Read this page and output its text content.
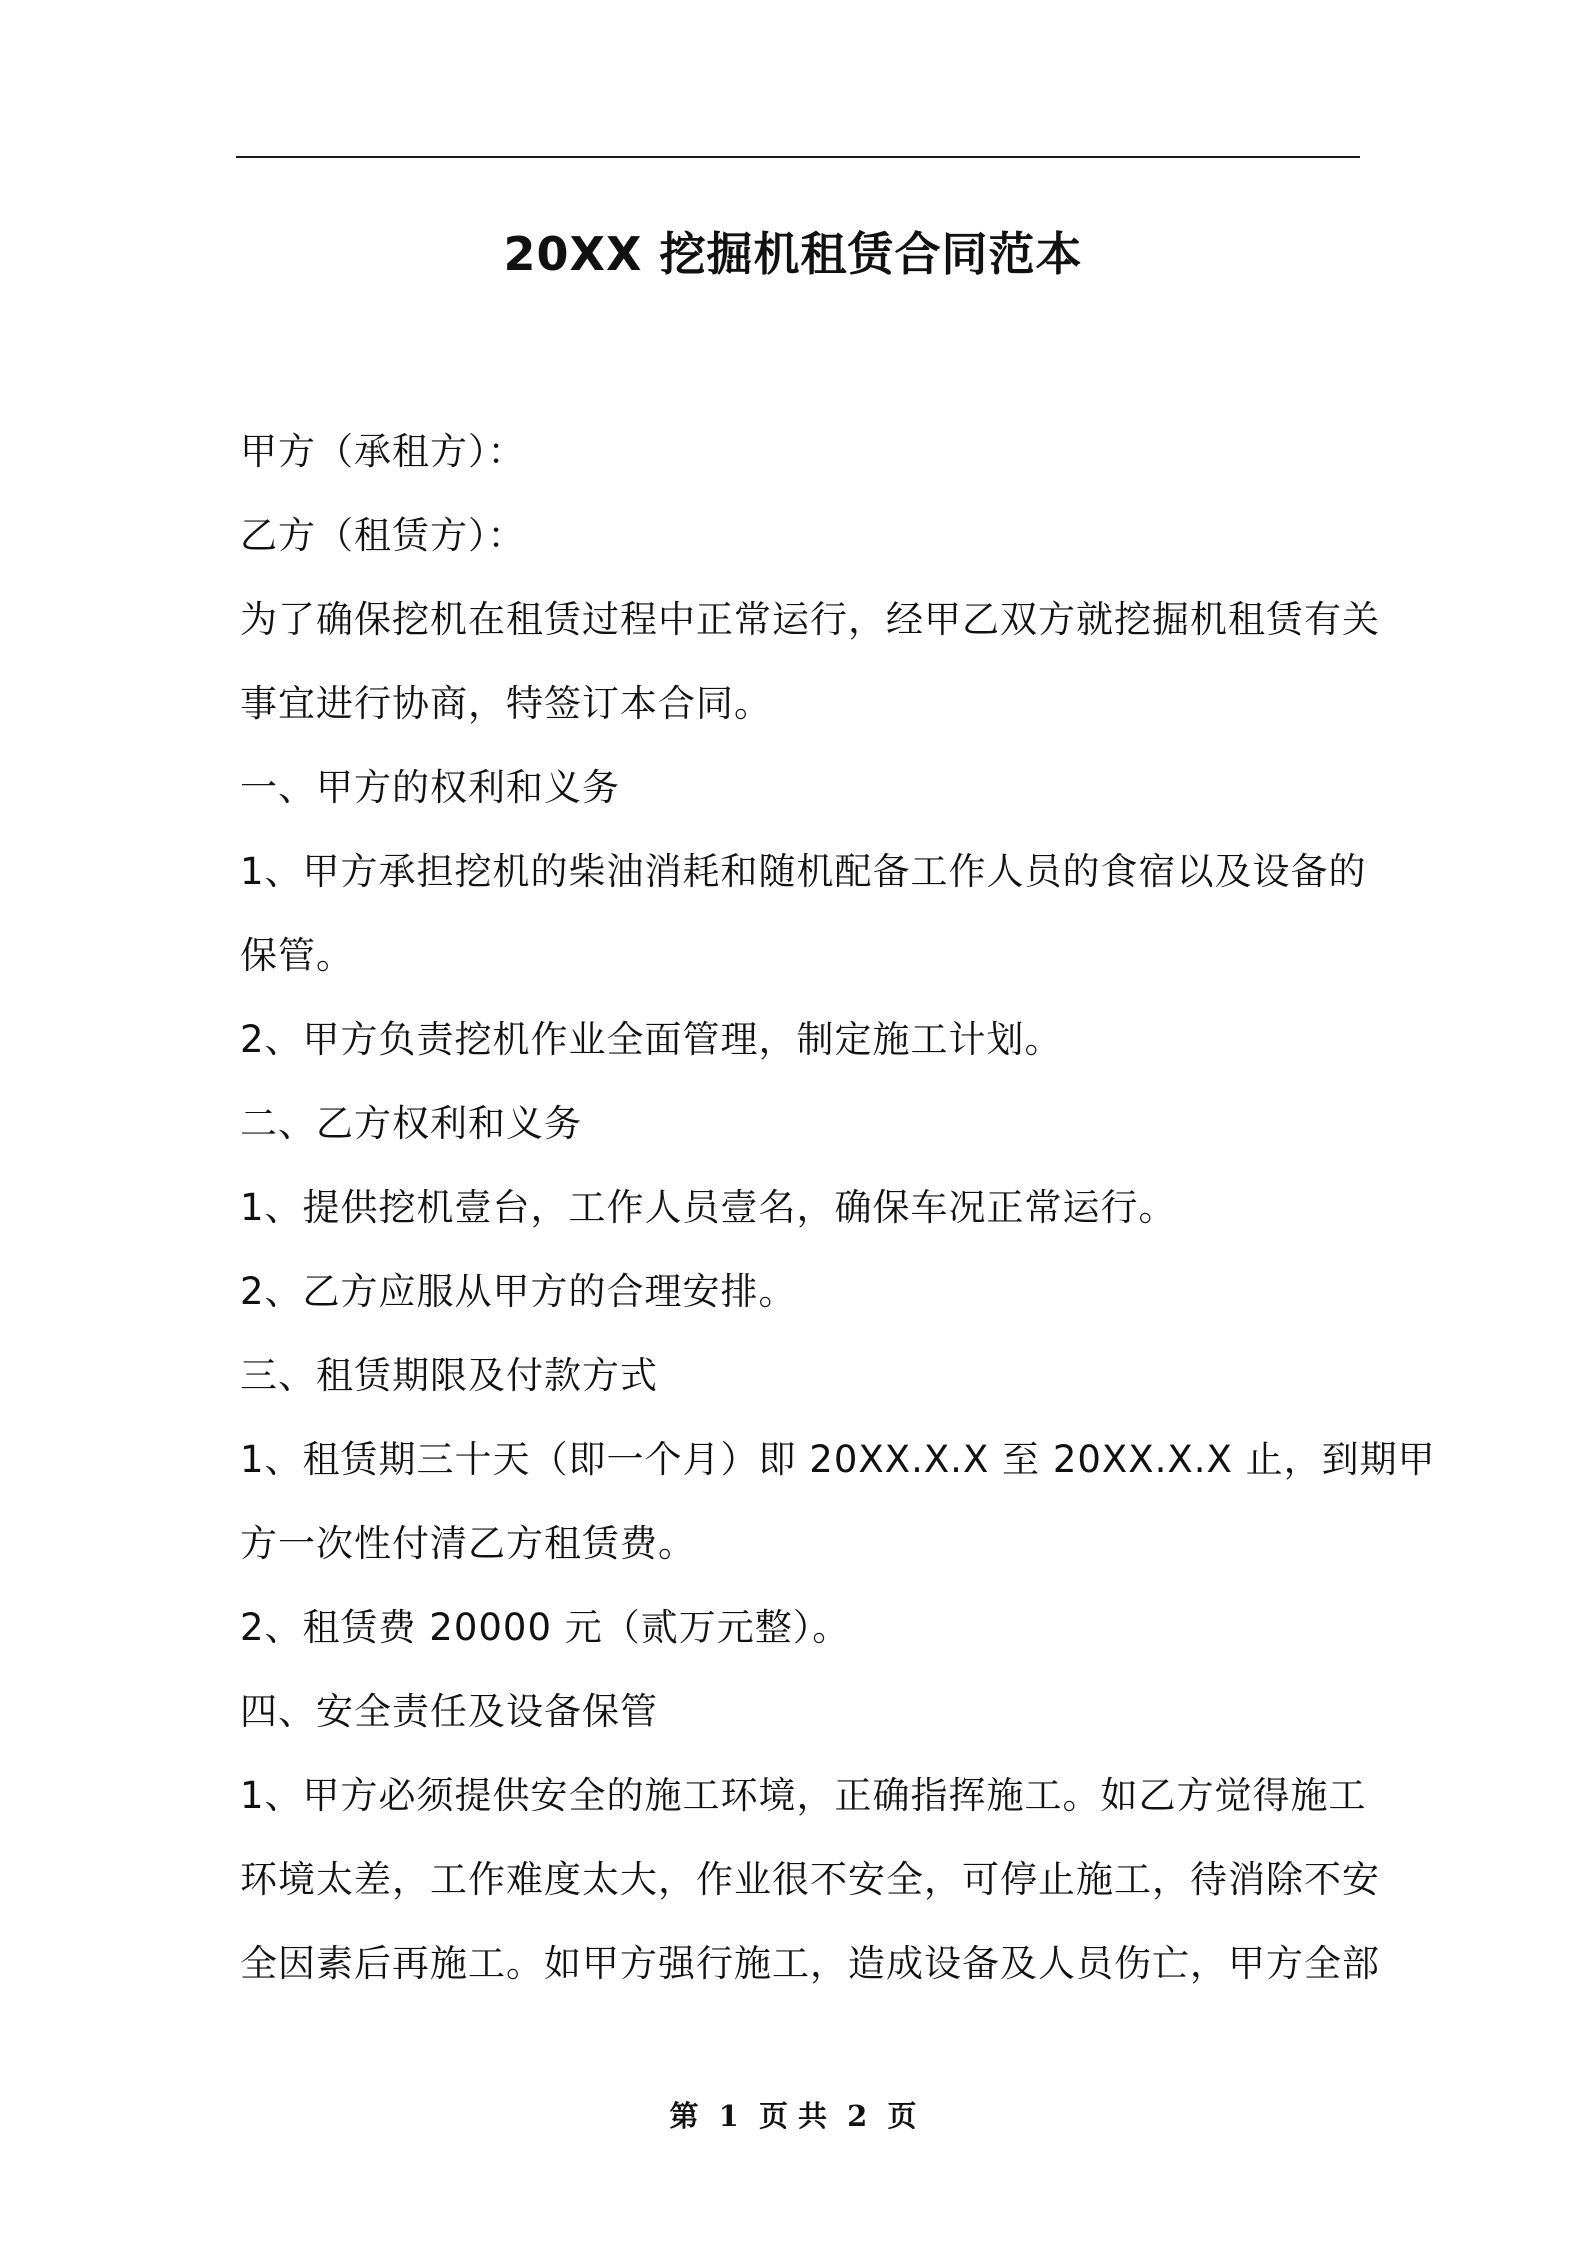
20XX 挖掘机租赁合同范本

甲方（承租方）：

乙方（租赁方）：

为了确保挖机在租赁过程中正常运行，经甲乙双方就挖掘机租赁有关

事宜进行协商，特签订本合同。

一、甲方的权利和义务

1、甲方承担挖机的柴油消耗和随机配备工作人员的食宿以及设备的

保管。

2、甲方负责挖机作业全面管理，制定施工计划。

二、乙方权利和义务

1、提供挖机壹台，工作人员壹名，确保车况正常运行。

2、乙方应服从甲方的合理安排。

三、租赁期限及付款方式

1、租赁期三十天（即一个月）即 20XX.X.X 至 20XX.X.X 止，到期甲

方一次性付清乙方租赁费。

2、租赁费 20000 元（贰万元整）。

四、安全责任及设备保管

1、甲方必须提供安全的施工环境，正确指挥施工。如乙方觉得施工

环境太差，工作难度太大，作业很不安全，可停止施工，待消除不安

全因素后再施工。如甲方强行施工，造成设备及人员伤亡，甲方全部

第 1 页 共 2 页
